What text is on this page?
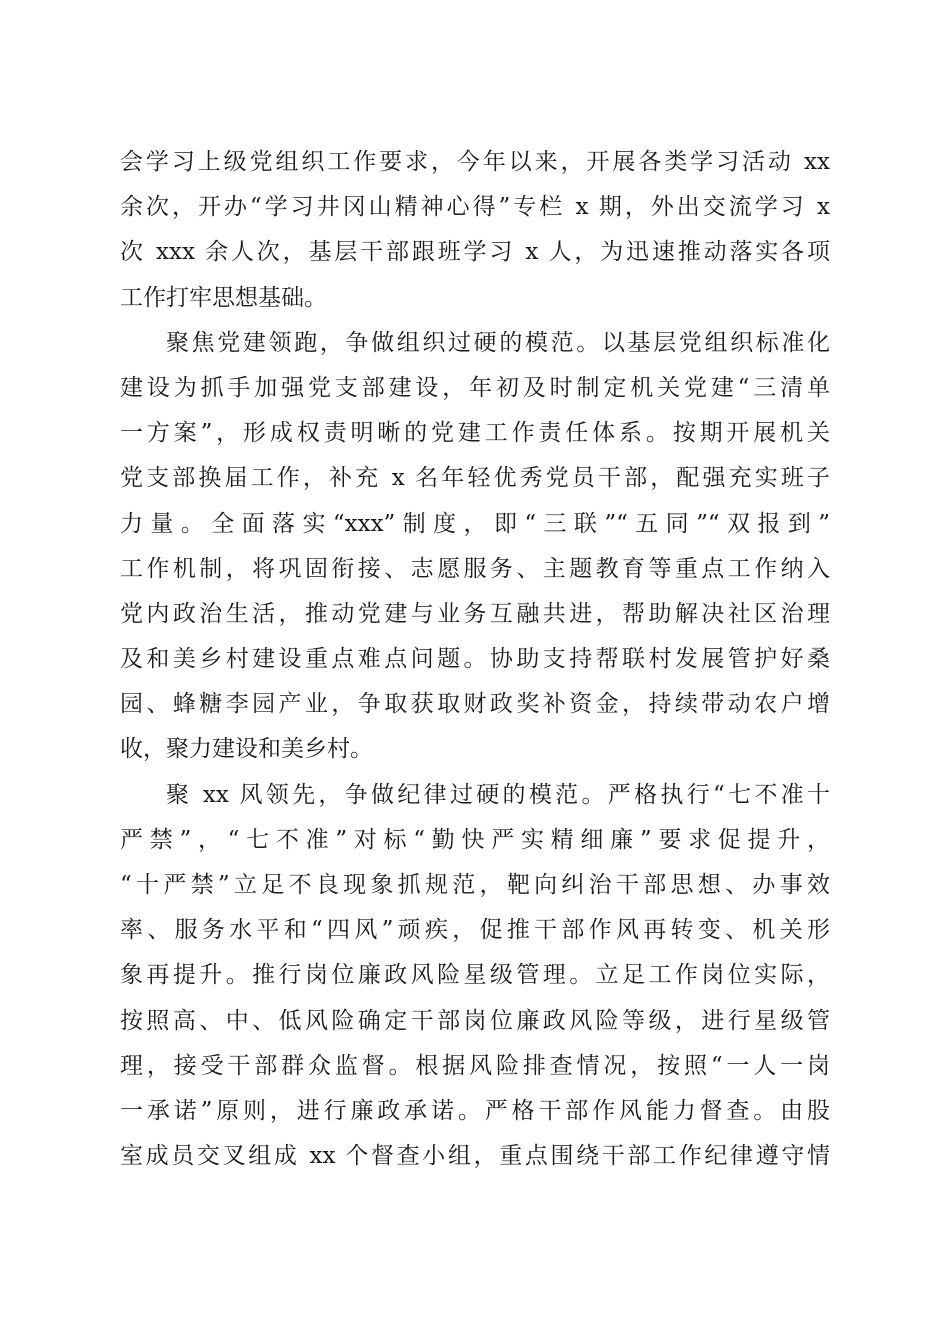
会学习上级党组织工作要求，今年以来，开展各类学习活动 xx
余次，开办“学习井冈山精神心得”专栏 x 期，外出交流学习 x
次 xxx 余人次，基层干部跟班学习 x 人，为迅速推动落实各项
工作打牢思想基础。
聚焦党建领跑，争做组织过硬的模范。以基层党组织标准化
建设为抓手加强党支部建设，年初及时制定机关党建“三清单
一方案”，形成权责明晰的党建工作责任体系。按期开展机关
党支部换届工作，补充 x 名年轻优秀党员干部，配强充实班子
力量。全面落实“xxx”制度，即“三联”“五同”“双报到”
工作机制，将巩固衔接、志愿服务、主题教育等重点工作纳入
党内政治生活，推动党建与业务互融共进，帮助解决社区治理
及和美乡村建设重点难点问题。协助支持帮联村发展管护好桑
园、蜂糖李园产业，争取获取财政奖补资金，持续带动农户增
收，聚力建设和美乡村。
聚 xx 风领先，争做纪律过硬的模范。严格执行“七不准十
严禁”，“七不准”对标“勤快严实精细廉”要求促提升，
“十严禁”立足不良现象抓规范，靶向纠治干部思想、办事效
率、服务水平和“四风”顽疾，促推干部作风再转变、机关形
象再提升。推行岗位廉政风险星级管理。立足工作岗位实际，
按照高、中、低风险确定干部岗位廉政风险等级，进行星级管
理，接受干部群众监督。根据风险排查情况，按照“一人一岗
一承诺”原则，进行廉政承诺。严格干部作风能力督查。由股
室成员交叉组成 xx 个督查小组，重点围绕干部工作纪律遵守情
